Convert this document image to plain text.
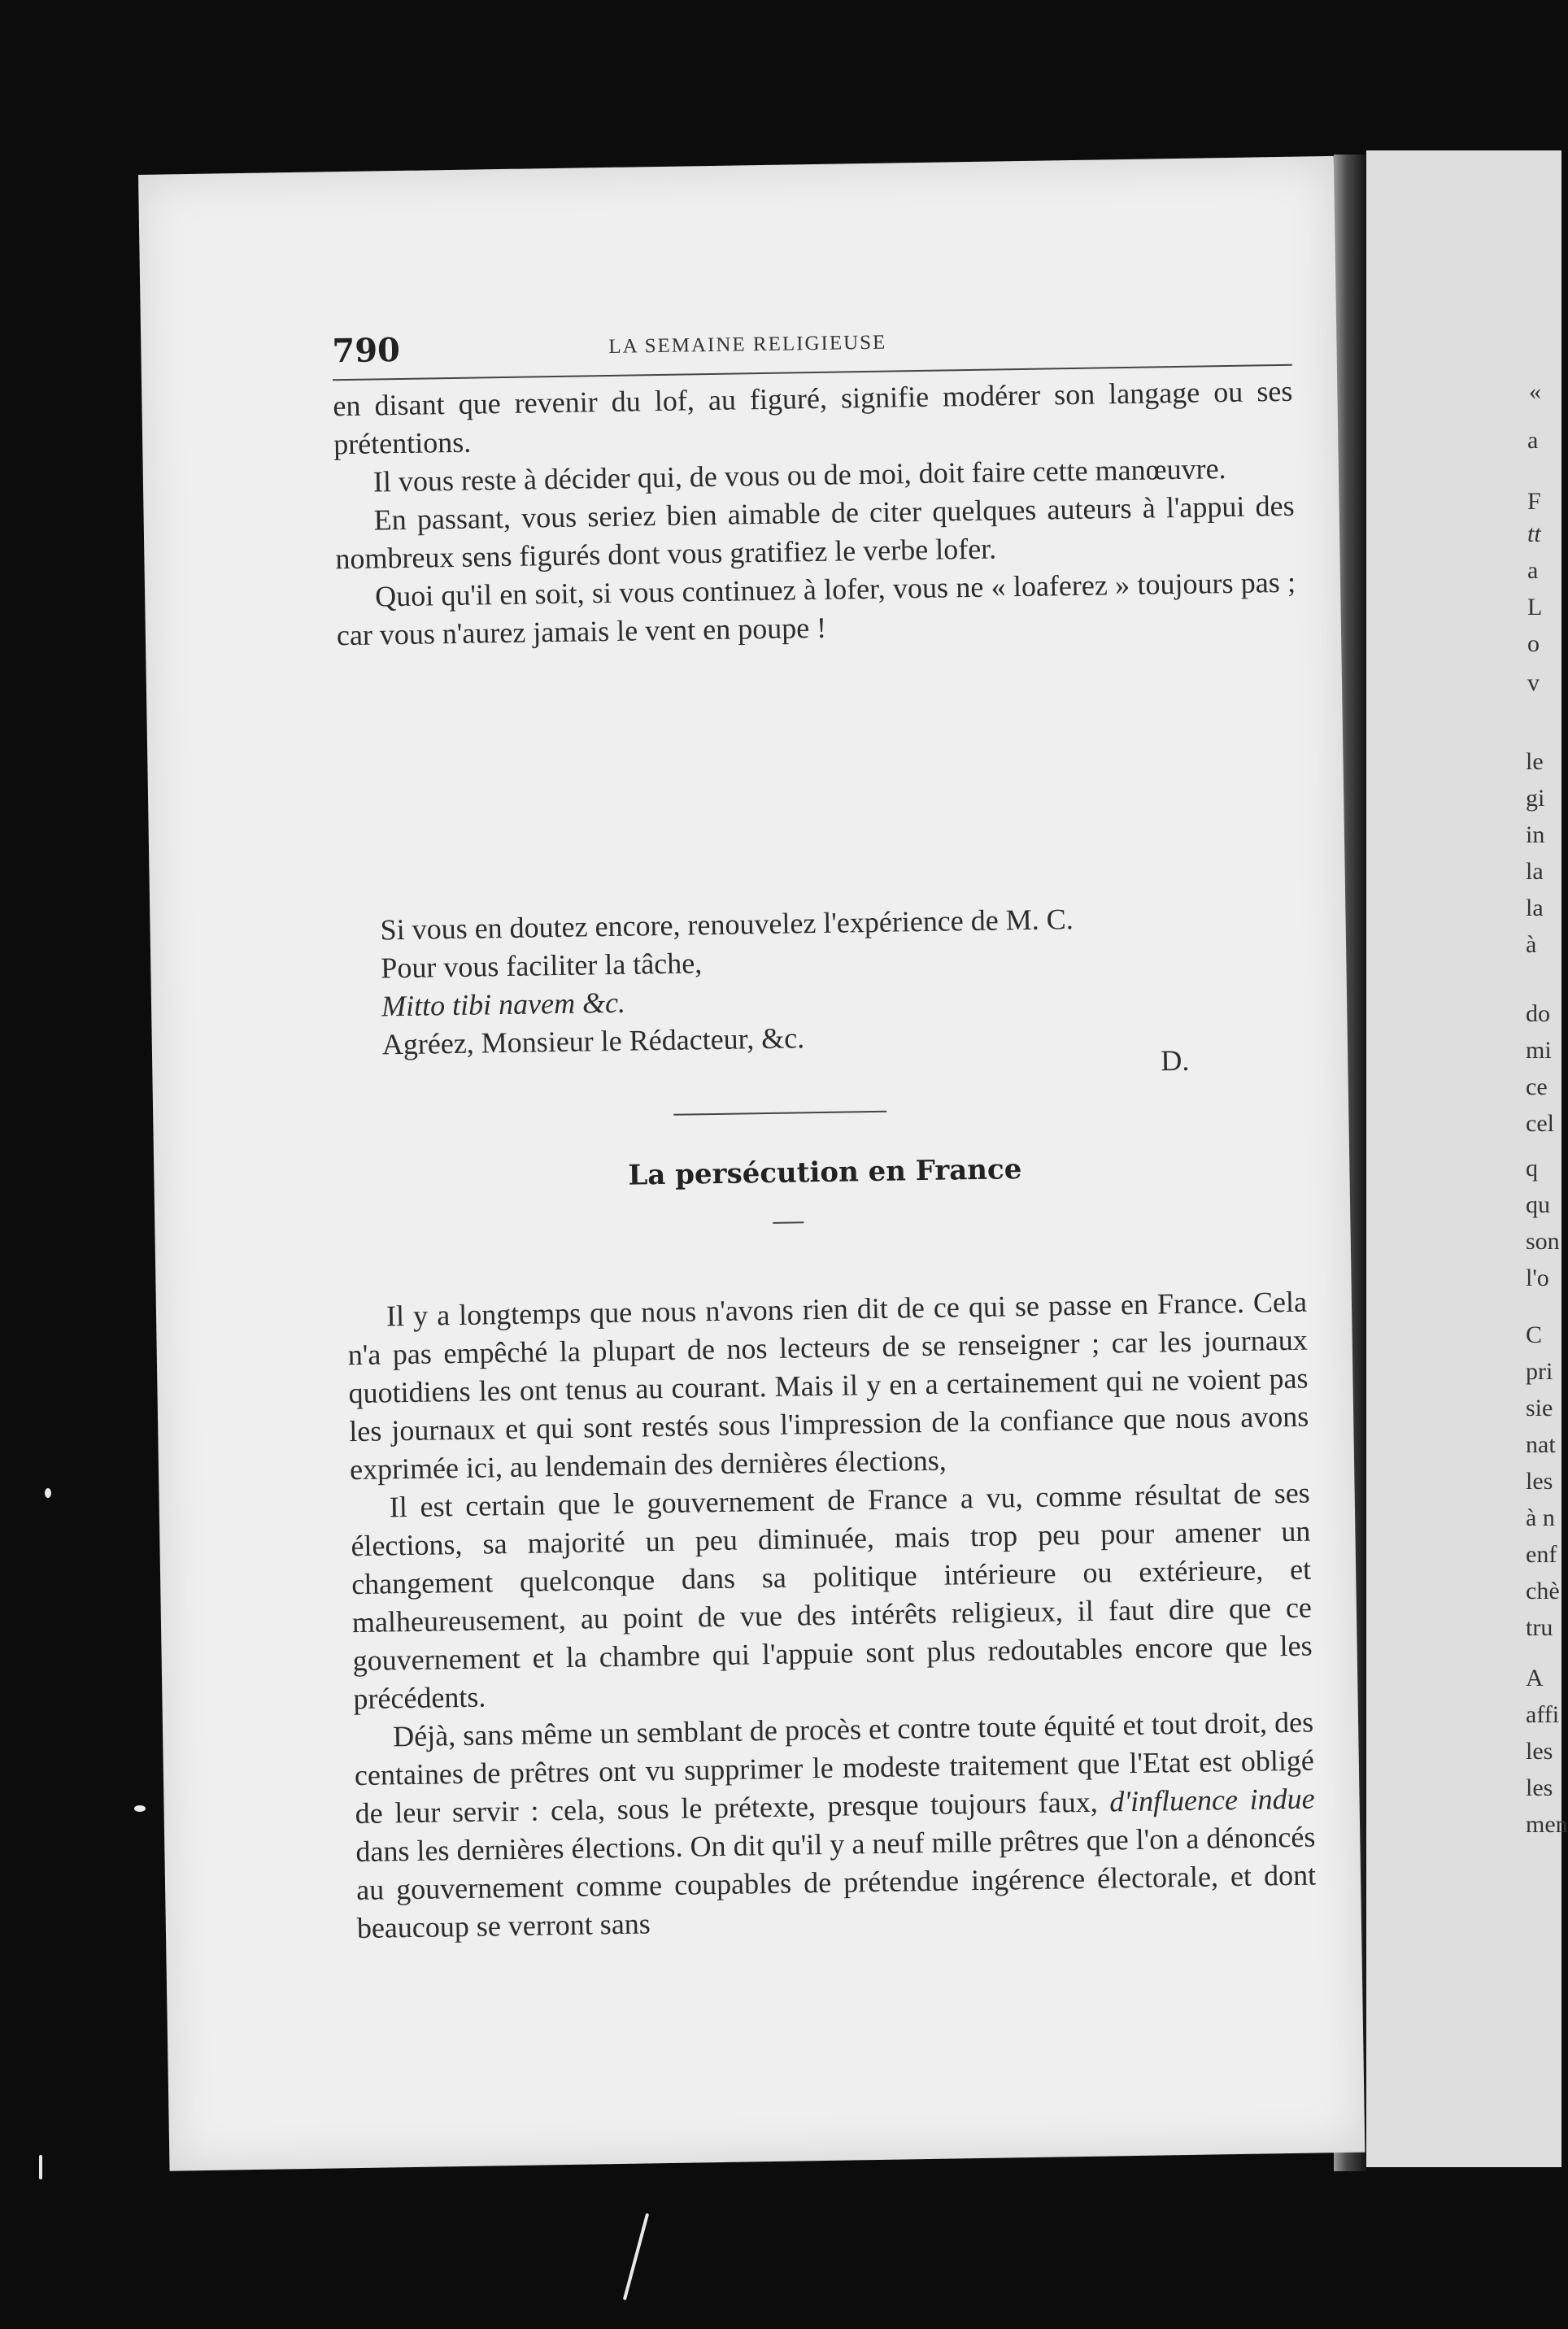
«
a
F
tt
a
L
o
v
le
gi
in
la
la
à
do
mi
ce
cel
q
qu
son
l'o
C
pri
sie
nat
les
à n
enf
chè
tru
A
affi
les
les
men
790	LA SEMAINE RELIGIEUSE

en disant que revenir du lof, au figuré, signifie modérer son langage ou ses prétentions.

Il vous reste à décider qui, de vous ou de moi, doit faire cette manœuvre.

En passant, vous seriez bien aimable de citer quelques auteurs à l'appui des nombreux sens figurés dont vous gratifiez le verbe lofer.

Quoi qu'il en soit, si vous continuez à lofer, vous ne « loaferez » toujours pas ; car vous n'aurez jamais le vent en poupe !

Si vous en doutez encore, renouvelez l'expérience de M. C.
Pour vous faciliter la tâche,
Mitto tibi navem &c.
Agréez, Monsieur le Rédacteur, &c.	D.
La persécution en France

Il y a longtemps que nous n'avons rien dit de ce qui se passe en France. Cela n'a pas empêché la plupart de nos lecteurs de se renseigner ; car les journaux quotidiens les ont tenus au courant. Mais il y en a certainement qui ne voient pas les journaux et qui sont restés sous l'impression de la confiance que nous avons exprimée ici, au lendemain des dernières élections,

Il est certain que le gouvernement de France a vu, comme résultat de ses élections, sa majorité un peu diminuée, mais trop peu pour amener un changement quelconque dans sa politique intérieure ou extérieure, et malheureusement, au point de vue des intérêts religieux, il faut dire que ce gouvernement et la chambre qui l'appuie sont plus redoutables encore que les précédents.

Déjà, sans même un semblant de procès et contre toute équité et tout droit, des centaines de prêtres ont vu supprimer le modeste traitement que l'Etat est obligé de leur servir : cela, sous le prétexte, presque toujours faux, d'influence indue dans les dernières élections. On dit qu'il y a neuf mille prêtres que l'on a dénoncés au gouvernement comme coupables de prétendue ingérence électorale, et dont beaucoup se verront sans
